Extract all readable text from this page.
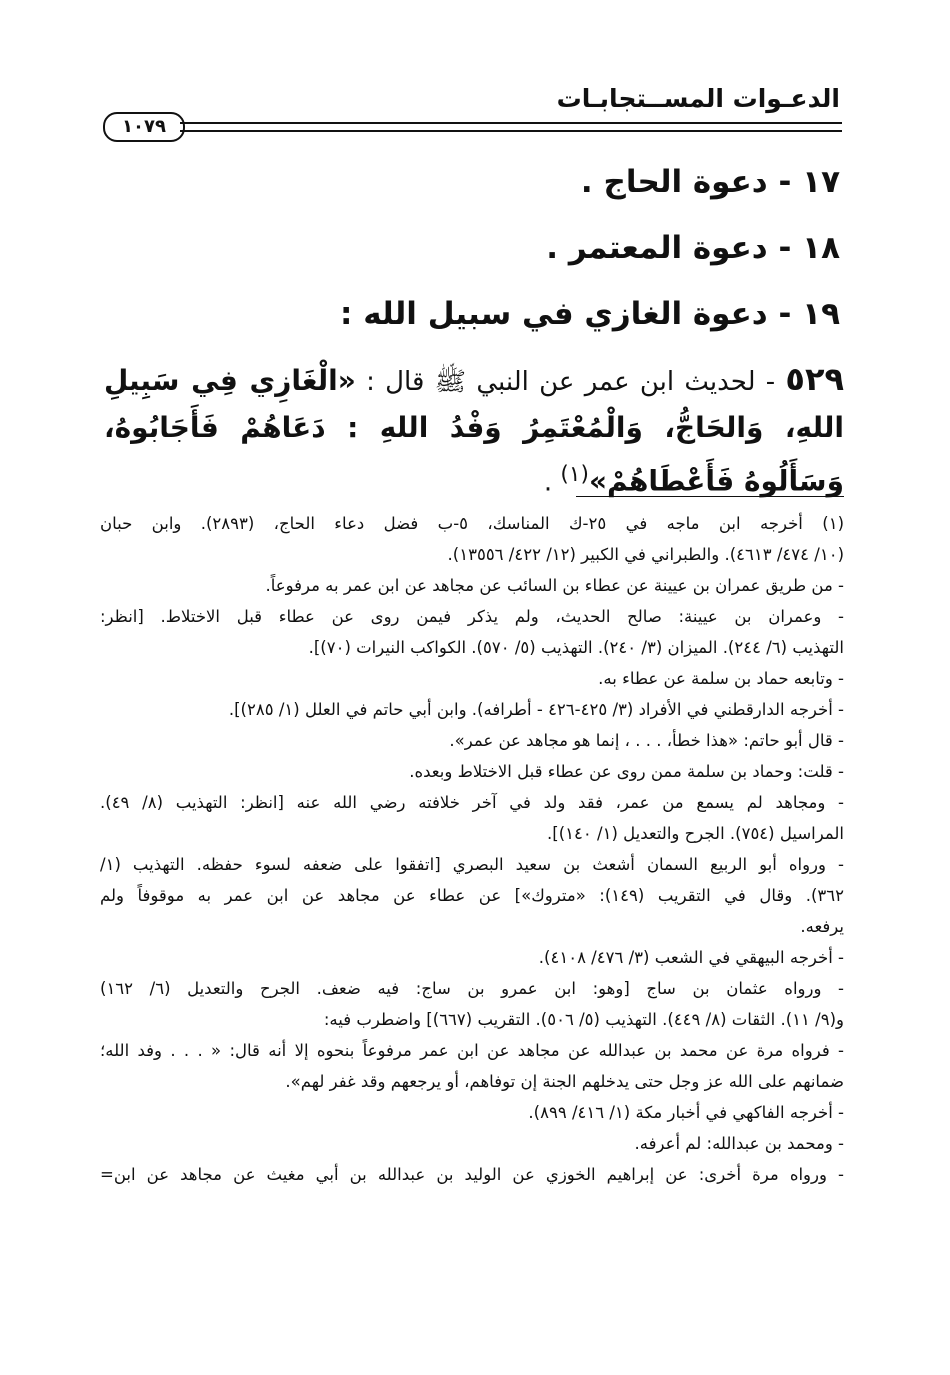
الدعـوات المســتجابـات
١٠٧٩
١٧ - دعوة الحاج .
١٨ - دعوة المعتمر .
١٩ - دعوة الغازي في سبيل الله :
٥٢٩ - لحديث ابن عمر عن النبي ﷺ قال : «الْغَازِي فِي سَبِيلِ اللهِ، وَالحَاجُّ، وَالْمُعْتَمِرُ وَفْدُ اللهِ : دَعَاهُمْ فَأَجَابُوهُ، وَسَأَلُوهُ فَأَعْطَاهُمْ»$^{(١)}$ .
(١) أخرجه ابن ماجه في ٢٥-ك المناسك، ٥-ب فضل دعاء الحاج، (٢٨٩٣). وابن حبان
(١٠/ ٤٧٤/ ٤٦١٣). والطبراني في الكبير (١٢/ ٤٢٢/ ١٣٥٥٦).
- من طريق عمران بن عيينة عن عطاء بن السائب عن مجاهد عن ابن عمر به مرفوعاً.
- وعمران بن عيينة: صالح الحديث، ولم يذكر فيمن روى عن عطاء قبل الاختلاط. [انظر:
التهذيب (٦/ ٢٤٤). الميزان (٣/ ٢٤٠). التهذيب (٥/ ٥٧٠). الكواكب النيرات (٧٠)].
- وتابعه حماد بن سلمة عن عطاء به.
- أخرجه الدارقطني في الأفراد (٣/ ٤٢٥-٤٢٦ - أطرافه). وابن أبي حاتم في العلل (١/ ٢٨٥)].
- قال أبو حاتم: «هذا خطأ، . . . ، إنما هو مجاهد عن عمر».
- قلت: وحماد بن سلمة ممن روى عن عطاء قبل الاختلاط وبعده.
- ومجاهد لم يسمع من عمر، فقد ولد في آخر خلافته رضي الله عنه [انظر: التهذيب (٨/ ٤٩).
المراسيل (٧٥٤). الجرح والتعديل (١/ ١٤٠)].
- ورواه أبو الربيع السمان أشعث بن سعيد البصري [اتفقوا على ضعفه لسوء حفظه. التهذيب (١/
٣٦٢). وقال في التقريب (١٤٩): «متروك»] عن عطاء عن مجاهد عن ابن عمر به موقوفاً ولم
يرفعه.
- أخرجه البيهقي في الشعب (٣/ ٤٧٦/ ٤١٠٨).
- ورواه عثمان بن ساج [وهو: ابن عمرو بن ساج: فيه ضعف. الجرح والتعديل (٦/ ١٦٢)
و(٩/ ١١). الثقات (٨/ ٤٤٩). التهذيب (٥/ ٥٠٦). التقريب (٦٦٧)] واضطرب فيه:
- فرواه مرة عن محمد بن عبدالله عن مجاهد عن ابن عمر مرفوعاً بنحوه إلا أنه قال: « . . . وفد الله؛
ضمانهم على الله عز وجل حتى يدخلهم الجنة إن توفاهم، أو يرجعهم وقد غفر لهم».
- أخرجه الفاكهي في أخبار مكة (١/ ٤١٦/ ٨٩٩).
- ومحمد بن عبدالله: لم أعرفه.
- ورواه مرة أخرى: عن إبراهيم الخوزي عن الوليد بن عبدالله بن أبي مغيث عن مجاهد عن ابن=
